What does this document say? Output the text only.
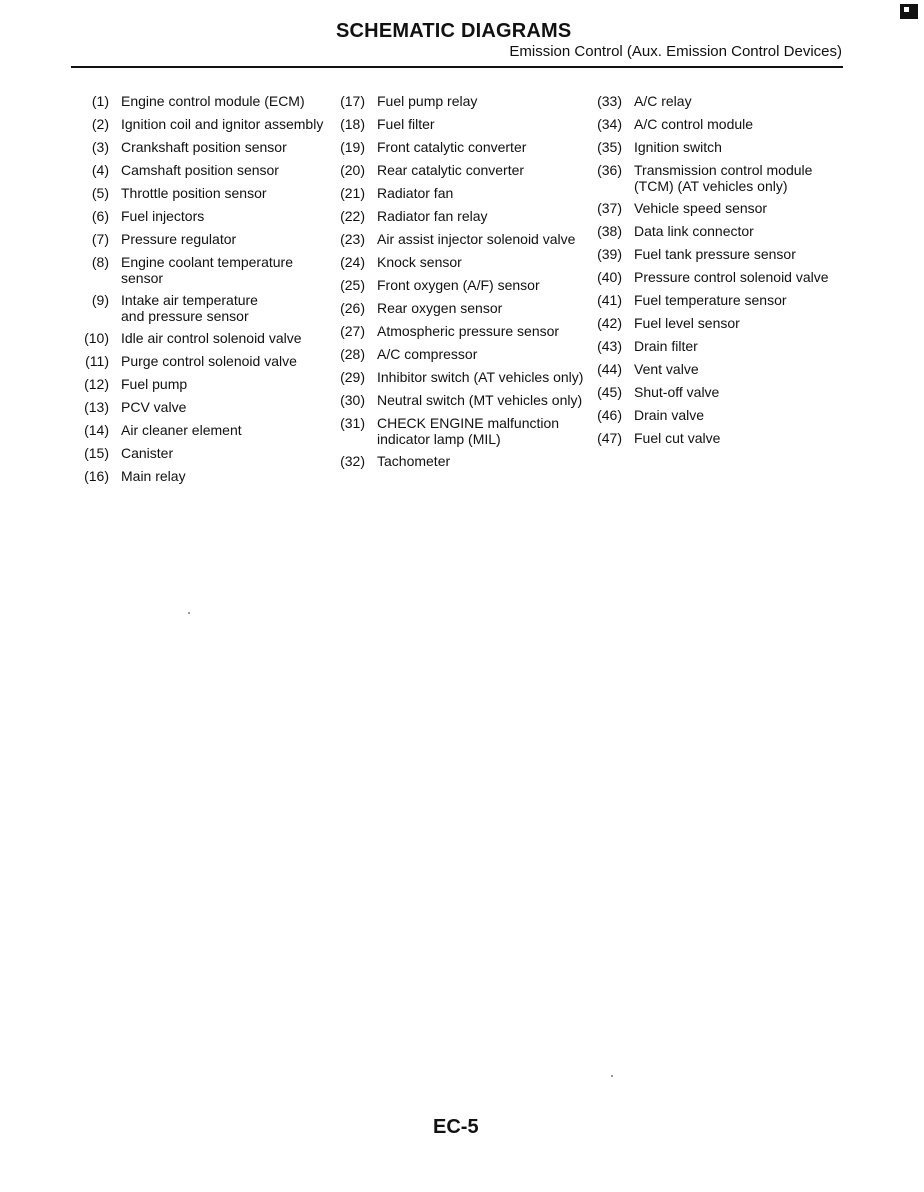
SCHEMATIC DIAGRAMS
Emission Control (Aux. Emission Control Devices)
(1) Engine control module (ECM)
(2) Ignition coil and ignitor assembly
(3) Crankshaft position sensor
(4) Camshaft position sensor
(5) Throttle position sensor
(6) Fuel injectors
(7) Pressure regulator
(8) Engine coolant temperature
sensor
(9) Intake air temperature
and pressure sensor
(10) Idle air control solenoid valve
(11) Purge control solenoid valve
(12) Fuel pump
(13) PCV valve
(14) Air cleaner element
(15) Canister
(16) Main relay
(17) Fuel pump relay
(18) Fuel filter
(19) Front catalytic converter
(20) Rear catalytic converter
(21) Radiator fan
(22) Radiator fan relay
(23) Air assist injector solenoid valve
(24) Knock sensor
(25) Front oxygen (A/F) sensor
(26) Rear oxygen sensor
(27) Atmospheric pressure sensor
(28) A/C compressor
(29) Inhibitor switch (AT vehicles only)
(30) Neutral switch (MT vehicles only)
(31) CHECK ENGINE malfunction
indicator lamp (MIL)
(32) Tachometer
(33) A/C relay
(34) A/C control module
(35) Ignition switch
(36) Transmission control module
(TCM) (AT vehicles only)
(37) Vehicle speed sensor
(38) Data link connector
(39) Fuel tank pressure sensor
(40) Pressure control solenoid valve
(41) Fuel temperature sensor
(42) Fuel level sensor
(43) Drain filter
(44) Vent valve
(45) Shut-off valve
(46) Drain valve
(47) Fuel cut valve
EC-5
